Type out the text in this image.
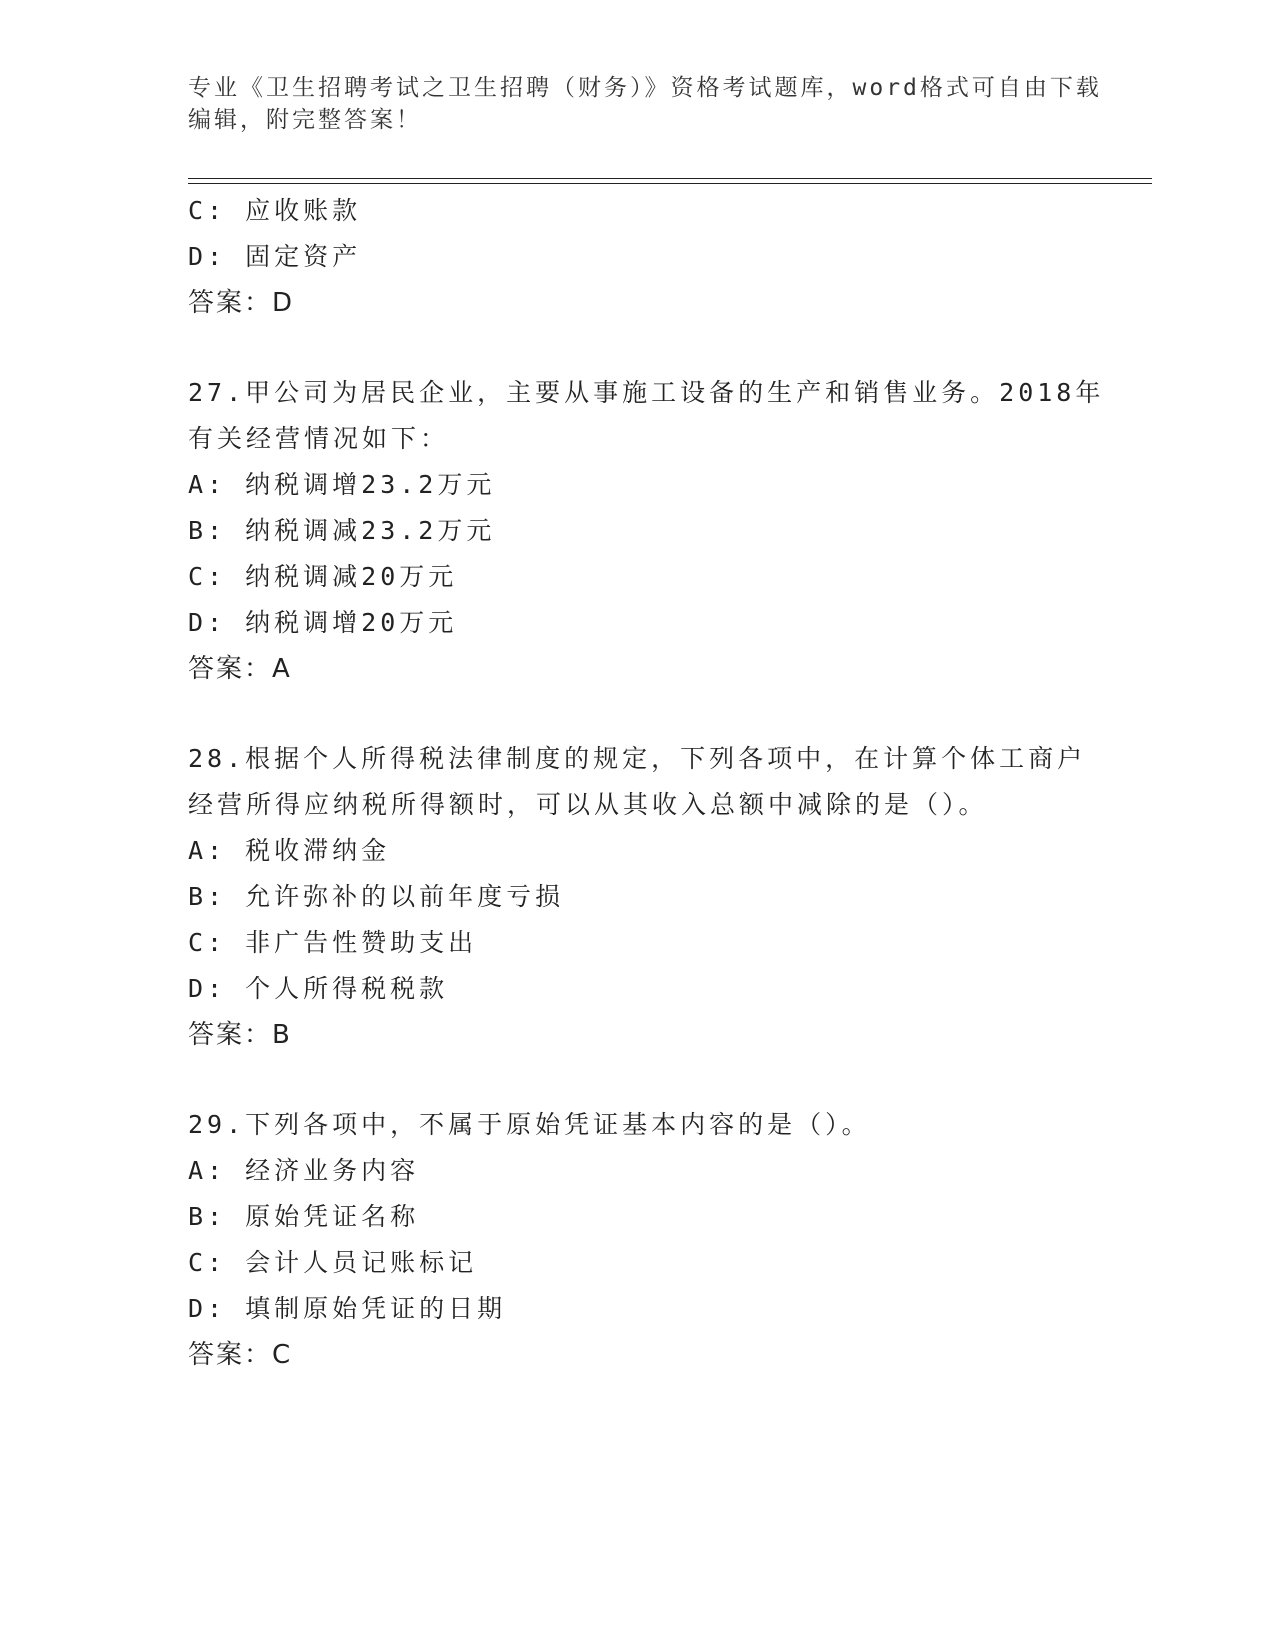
专业《卫生招聘考试之卫生招聘（财务）》资格考试题库，word格式可自由下载
编辑，附完整答案！
C: 应收账款
D: 固定资产
答案：D
27.甲公司为居民企业，主要从事施工设备的生产和销售业务。2018年
有关经营情况如下：
A: 纳税调增23.2万元
B: 纳税调减23.2万元
C: 纳税调减20万元
D: 纳税调增20万元
答案：A
28.根据个人所得税法律制度的规定，下列各项中，在计算个体工商户
经营所得应纳税所得额时，可以从其收入总额中减除的是（）。
A: 税收滞纳金
B: 允许弥补的以前年度亏损
C: 非广告性赞助支出
D: 个人所得税税款
答案：B
29.下列各项中，不属于原始凭证基本内容的是（）。
A: 经济业务内容
B: 原始凭证名称
C: 会计人员记账标记
D: 填制原始凭证的日期
答案：C
